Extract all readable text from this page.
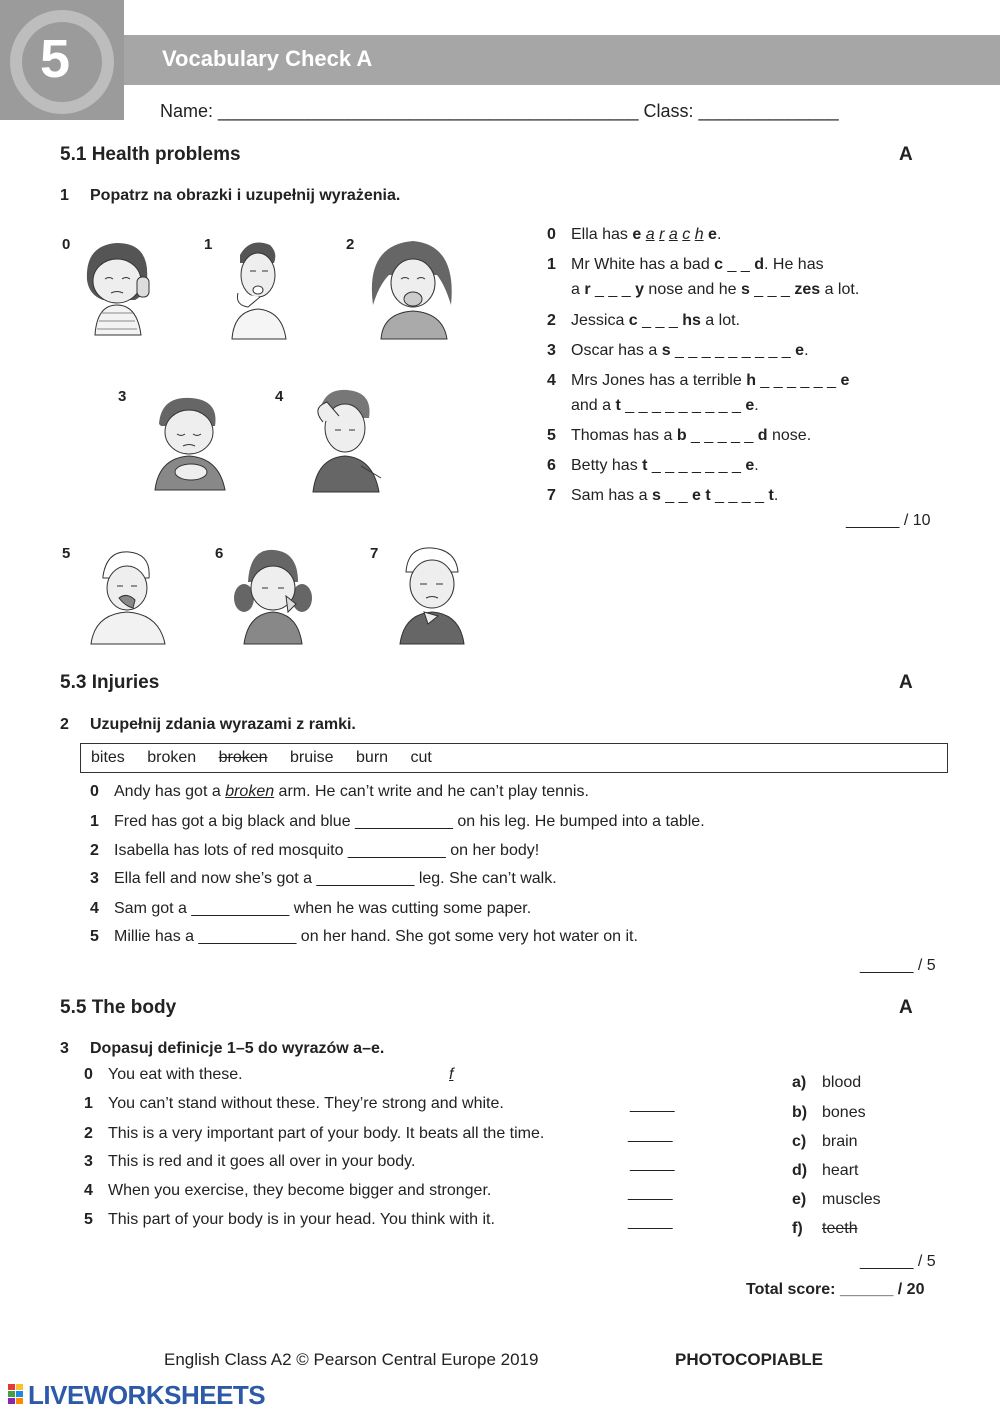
5	Vocabulary Check A
Name: __________________________________________ Class: ______________
5.1 Health problems	A
1 Popatrz na obrazki i uzupełnij wyrażenia.
0	1	2
3	4
5	6	7
0 Ella has e a r a c h e.
1 Mr White has a bad c _ _ d. He has
a r _ _ _ y nose and he s _ _ _ zes a lot.
2 Jessica c _ _ _ hs a lot.
3 Oscar has a s _ _ _ _ _ _ _ _ _ e.
4 Mrs Jones has a terrible h _ _ _ _ _ _ e
and a t _ _ _ _ _ _ _ _ _ e.
5 Thomas has a b _ _ _ _ _ d nose.
6 Betty has t _ _ _ _ _ _ _ e.
7 Sam has a s _ _ e t _ _ _ _ t.
______ / 10
5.3 Injuries	A
2 Uzupełnij zdania wyrazami z ramki.
bites broken broken bruise burn cut
0 Andy has got a broken arm. He can’t write and he can’t play tennis.
1 Fred has got a big black and blue ___________ on his leg. He bumped into a table.
2 Isabella has lots of red mosquito ___________ on her body!
3 Ella fell and now she’s got a ___________ leg. She can’t walk.
4 Sam got a ___________ when he was cutting some paper.
5 Millie has a ___________ on her hand. She got some very hot water on it.
______ / 5
5.5 The body	A
3 Dopasuj definicje 1–5 do wyrazów a–e.
0 You eat with these.	f
1 You can’t stand without these. They’re strong and white.	_____
2 This is a very important part of your body. It beats all the time.	_____
3 This is red and it goes all over in your body.	_____
4 When you exercise, they become bigger and stronger.	_____
5 This part of your body is in your head. You think with it.	_____
a) blood
b) bones
c) brain
d) heart
e) muscles
f) teeth
______ / 5
Total score: ______ / 20
English Class A2 © Pearson Central Europe 2019	PHOTOCOPIABLE
LIVEWORKSHEETS
